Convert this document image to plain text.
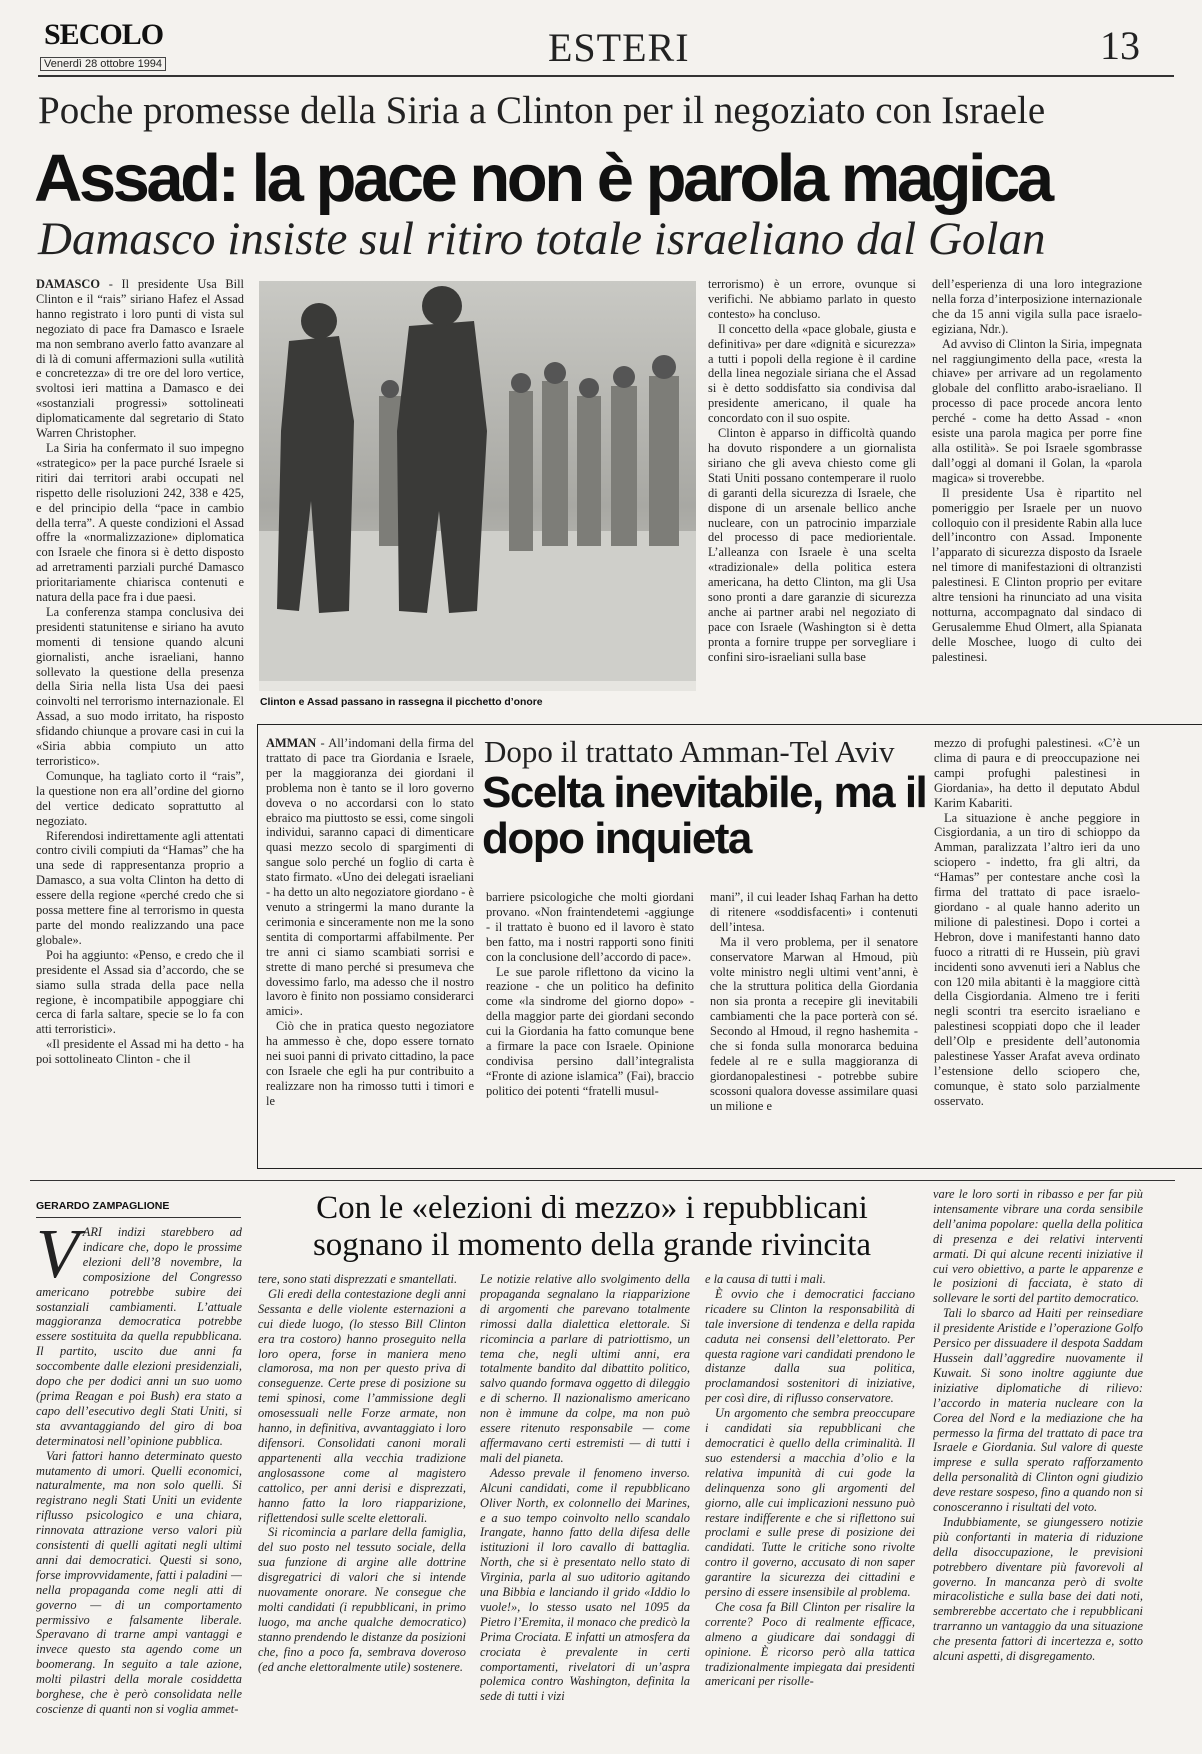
SECOLO
Venerdì 28 ottobre 1994	ESTERI	13
Poche promesse della Siria a Clinton per il negoziato con Israele
Assad: la pace non è parola magica
Damasco insiste sul ritiro totale israeliano dal Golan

DAMASCO - Il presidente Usa Bill Clinton e il “rais” siriano Hafez el Assad hanno registrato i loro punti di vista sul negoziato di pace fra Damasco e Israele ma non sembrano averlo fatto avanzare al di là di comuni affermazioni sulla «utilità e concretezza» di tre ore del loro vertice, svoltosi ieri mattina a Damasco e dei «sostanziali progressi» sottolineati diplomaticamente dal segretario di Stato Warren Christopher.

La Siria ha confermato il suo impegno «strategico» per la pace purché Israele si ritiri dai territori arabi occupati nel rispetto delle risoluzioni 242, 338 e 425, e del principio della “pace in cambio della terra”. A queste condizioni el Assad offre la «normalizzazione» diplomatica con Israele che finora si è detto disposto ad arretramenti parziali purché Damasco prioritariamente chiarisca contenuti e natura della pace fra i due paesi.

La conferenza stampa conclusiva dei presidenti statunitense e siriano ha avuto momenti di tensione quando alcuni giornalisti, anche israeliani, hanno sollevato la questione della presenza della Siria nella lista Usa dei paesi coinvolti nel terrorismo internazionale. El Assad, a suo modo irritato, ha risposto sfidando chiunque a provare casi in cui la «Siria abbia compiuto un atto terroristico».

Comunque, ha tagliato corto il “rais”, la questione non era all’ordine del giorno del vertice dedicato soprattutto al negoziato.

Riferendosi indirettamente agli attentati contro civili compiuti da “Hamas” che ha una sede di rappresentanza proprio a Damasco, a sua volta Clinton ha detto di essere della regione «perché credo che si possa mettere fine al terrorismo in questa parte del mondo realizzando una pace globale».

Poi ha aggiunto: «Penso, e credo che il presidente el Assad sia d’accordo, che se siamo sulla strada della pace nella regione, è incompatibile appoggiare chi cerca di farla saltare, specie se lo fa con atti terroristici».

«Il presidente el Assad mi ha detto - ha poi sottolineato Clinton - che il

Clinton e Assad passano in rassegna il picchetto d’onore

terrorismo) è un errore, ovunque si verifichi. Ne abbiamo parlato in questo contesto» ha concluso.

Il concetto della «pace globale, giusta e definitiva» per dare «dignità e sicurezza» a tutti i popoli della regione è il cardine della linea negoziale siriana che el Assad si è detto soddisfatto sia condivisa dal presidente americano, il quale ha concordato con il suo ospite.

Clinton è apparso in difficoltà quando ha dovuto rispondere a un giornalista siriano che gli aveva chiesto come gli Stati Uniti possano contemperare il ruolo di garanti della sicurezza di Israele, che dispone di un arsenale bellico anche nucleare, con un patrocinio imparziale del processo di pace mediorientale. L’alleanza con Israele è una scelta «tradizionale» della politica estera americana, ha detto Clinton, ma gli Usa sono pronti a dare garanzie di sicurezza anche ai partner arabi nel negoziato di pace con Israele (Washington si è detta pronta a fornire truppe per sorvegliare i confini siro-israeliani sulla base

dell’esperienza di una loro integrazione nella forza d’interposizione internazionale che da 15 anni vigila sulla pace israelo-egiziana, Ndr.).

Ad avviso di Clinton la Siria, impegnata nel raggiungimento della pace, «resta la chiave» per arrivare ad un regolamento globale del conflitto arabo-israeliano. Il processo di pace procede ancora lento perché - come ha detto Assad - «non esiste una parola magica per porre fine alla ostilità». Se poi Israele sgombrasse dall’oggi al domani il Golan, la «parola magica» si troverebbe.

Il presidente Usa è ripartito nel pomeriggio per Israele per un nuovo colloquio con il presidente Rabin alla luce dell’incontro con Assad. Imponente l’apparato di sicurezza disposto da Israele nel timore di manifestazioni di oltranzisti palestinesi. E Clinton proprio per evitare altre tensioni ha rinunciato ad una visita notturna, accompagnato dal sindaco di Gerusalemme Ehud Olmert, alla Spianata delle Moschee, luogo di culto dei palestinesi.

AMMAN - All’indomani della firma del trattato di pace tra Giordania e Israele, per la maggioranza dei giordani il problema non è tanto se il loro governo doveva o no accordarsi con lo stato ebraico ma piuttosto se essi, come singoli individui, saranno capaci di dimenticare quasi mezzo secolo di spargimenti di sangue solo perché un foglio di carta è stato firmato. «Uno dei delegati israeliani - ha detto un alto negoziatore giordano - è venuto a stringermi la mano durante la cerimonia e sinceramente non me la sono sentita di comportarmi affabilmente. Per tre anni ci siamo scambiati sorrisi e strette di mano perché si presumeva che dovessimo farlo, ma adesso che il nostro lavoro è finito non possiamo considerarci amici».

Ciò che in pratica questo negoziatore ha ammesso è che, dopo essere tornato nei suoi panni di privato cittadino, la pace con Israele che egli ha pur contribuito a realizzare non ha rimosso tutti i timori e le

Dopo il trattato Amman-Tel Aviv
Scelta inevitabile, ma il dopo inquieta

barriere psicologiche che molti giordani provano. «Non fraintendetemi -aggiunge - il trattato è buono ed il lavoro è stato ben fatto, ma i nostri rapporti sono finiti con la conclusione dell’accordo di pace».

Le sue parole riflettono da vicino la reazione - che un politico ha definito come «la sindrome del giorno dopo» - della maggior parte dei giordani secondo cui la Giordania ha fatto comunque bene a firmare la pace con Israele. Opinione condivisa persino dall’integralista “Fronte di azione islamica” (Fai), braccio politico dei potenti “fratelli musul-

mani”, il cui leader Ishaq Farhan ha detto di ritenere «soddisfacenti» i contenuti dell’intesa.

Ma il vero problema, per il senatore conservatore Marwan al Hmoud, più volte ministro negli ultimi vent’anni, è che la struttura politica della Giordania non sia pronta a recepire gli inevitabili cambiamenti che la pace porterà con sé. Secondo al Hmoud, il regno hashemita - che si fonda sulla monorarca beduina fedele al re e sulla maggioranza di giordanopalestinesi - potrebbe subire scossoni qualora dovesse assimilare quasi un milione e

mezzo di profughi palestinesi. «C’è un clima di paura e di preoccupazione nei campi profughi palestinesi in Giordania», ha detto il deputato Abdul Karim Kabariti.

La situazione è anche peggiore in Cisgiordania, a un tiro di schioppo da Amman, paralizzata l’altro ieri da uno sciopero - indetto, fra gli altri, da “Hamas” per contestare anche così la firma del trattato di pace israelo-giordano - al quale hanno aderito un milione di palestinesi. Dopo i cortei a Hebron, dove i manifestanti hanno dato fuoco a ritratti di re Hussein, più gravi incidenti sono avvenuti ieri a Nablus che con 120 mila abitanti è la maggiore città della Cisgiordania. Almeno tre i feriti negli scontri tra esercito israeliano e palestinesi scoppiati dopo che il leader dell’Olp e presidente dell’autonomia palestinese Yasser Arafat aveva ordinato l’estensione dello sciopero che, comunque, è stato solo parzialmente osservato.

GERARDO ZAMPAGLIONE	Con le «elezioni di mezzo» i repubblicani sognano il momento della grande rivincita

VARI indizi starebbero ad indicare che, dopo le prossime elezioni dell’8 novembre, la composizione del Congresso americano potrebbe subire dei sostanziali cambiamenti. L’attuale maggioranza democratica potrebbe essere sostituita da quella repubblicana. Il partito, uscito due anni fa soccombente dalle elezioni presidenziali, dopo che per dodici anni un suo uomo (prima Reagan e poi Bush) era stato a capo dell’esecutivo degli Stati Uniti, si sta avvantaggiando del giro di boa determinatosi nell’opinione pubblica.

Vari fattori hanno determinato questo mutamento di umori. Quelli economici, naturalmente, ma non solo quelli. Si registrano negli Stati Uniti un evidente riflusso psicologico e una chiara, rinnovata attrazione verso valori più consistenti di quelli agitati negli ultimi anni dai democratici. Questi si sono, forse improvvidamente, fatti i paladini — nella propaganda come negli atti di governo — di un comportamento permissivo e falsamente liberale. Speravano di trarne ampi vantaggi e invece questo sta agendo come un boomerang. In seguito a tale azione, molti pilastri della morale cosiddetta borghese, che è però consolidata nelle coscienze di quanti non si voglia ammet-

tere, sono stati disprezzati e smantellati.

Gli eredi della contestazione degli anni Sessanta e delle violente esternazioni a cui diede luogo, (lo stesso Bill Clinton era tra costoro) hanno proseguito nella loro opera, forse in maniera meno clamorosa, ma non per questo priva di conseguenze. Certe prese di posizione su temi spinosi, come l’ammissione degli omosessuali nelle Forze armate, non hanno, in definitiva, avvantaggiato i loro difensori. Consolidati canoni morali appartenenti alla vecchia tradizione anglosassone come al magistero cattolico, per anni derisi e disprezzati, hanno fatto la loro riapparizione, riflettendosi sulle scelte elettorali.

Si ricomincia a parlare della famiglia, del suo posto nel tessuto sociale, della sua funzione di argine alle dottrine disgregatrici di valori che si intende nuovamente onorare. Ne consegue che molti candidati (i repubblicani, in primo luogo, ma anche qualche democratico) stanno prendendo le distanze da posizioni che, fino a poco fa, sembrava doveroso (ed anche elettoralmente utile) sostenere.

Le notizie relative allo svolgimento della propaganda segnalano la riapparizione di argomenti che parevano totalmente rimossi dalla dialettica elettorale. Si ricomincia a parlare di patriottismo, un tema che, negli ultimi anni, era totalmente bandito dal dibattito politico, salvo quando formava oggetto di dileggio e di scherno. Il nazionalismo americano non è immune da colpe, ma non può essere ritenuto responsabile — come affermavano certi estremisti — di tutti i mali del pianeta.

Adesso prevale il fenomeno inverso. Alcuni candidati, come il repubblicano Oliver North, ex colonnello dei Marines, e a suo tempo coinvolto nello scandalo Irangate, hanno fatto della difesa delle istituzioni il loro cavallo di battaglia. North, che si è presentato nello stato di Virginia, parla al suo uditorio agitando una Bibbia e lanciando il grido «Iddio lo vuole!», lo stesso usato nel 1095 da Pietro l’Eremita, il monaco che predicò la Prima Crociata. E infatti un atmosfera da crociata è prevalente in certi comportamenti, rivelatori di un’aspra polemica contro Washington, definita la sede di tutti i vizi

e la causa di tutti i mali.

È ovvio che i democratici facciano ricadere su Clinton la responsabilità di tale inversione di tendenza e della rapida caduta nei consensi dell’elettorato. Per questa ragione vari candidati prendono le distanze dalla sua politica, proclamandosi sostenitori di iniziative, per così dire, di riflusso conservatore.

Un argomento che sembra preoccupare i candidati sia repubblicani che democratici è quello della criminalità. Il suo estendersi a macchia d’olio e la relativa impunità di cui gode la delinquenza sono gli argomenti del giorno, alle cui implicazioni nessuno può restare indifferente e che si riflettono sui proclami e sulle prese di posizione dei candidati. Tutte le critiche sono rivolte contro il governo, accusato di non saper garantire la sicurezza dei cittadini e persino di essere insensibile al problema.

Che cosa fa Bill Clinton per risalire la corrente? Poco di realmente efficace, almeno a giudicare dai sondaggi di opinione. È ricorso però alla tattica tradizionalmente impiegata dai presidenti americani per risolle-

vare le loro sorti in ribasso e per far più intensamente vibrare una corda sensibile dell’anima popolare: quella della politica di presenza e dei relativi interventi armati. Di qui alcune recenti iniziative il cui vero obiettivo, a parte le apparenze e le posizioni di facciata, è stato di sollevare le sorti del partito democratico.

Tali lo sbarco ad Haiti per reinsediare il presidente Aristide e l’operazione Golfo Persico per dissuadere il despota Saddam Hussein dall’aggredire nuovamente il Kuwait. Si sono inoltre aggiunte due iniziative diplomatiche di rilievo: l’accordo in materia nucleare con la Corea del Nord e la mediazione che ha permesso la firma del trattato di pace tra Israele e Giordania. Sul valore di queste imprese e sulla sperato rafforzamento della personalità di Clinton ogni giudizio deve restare sospeso, fino a quando non si conosceranno i risultati del voto.

Indubbiamente, se giungessero notizie più confortanti in materia di riduzione della disoccupazione, le previsioni potrebbero diventare più favorevoli al governo. In mancanza però di svolte miracolistiche e sulla base dei dati noti, sembrerebbe accertato che i repubblicani trarranno un vantaggio da una situazione che presenta fattori di incertezza e, sotto alcuni aspetti, di disgregamento.
